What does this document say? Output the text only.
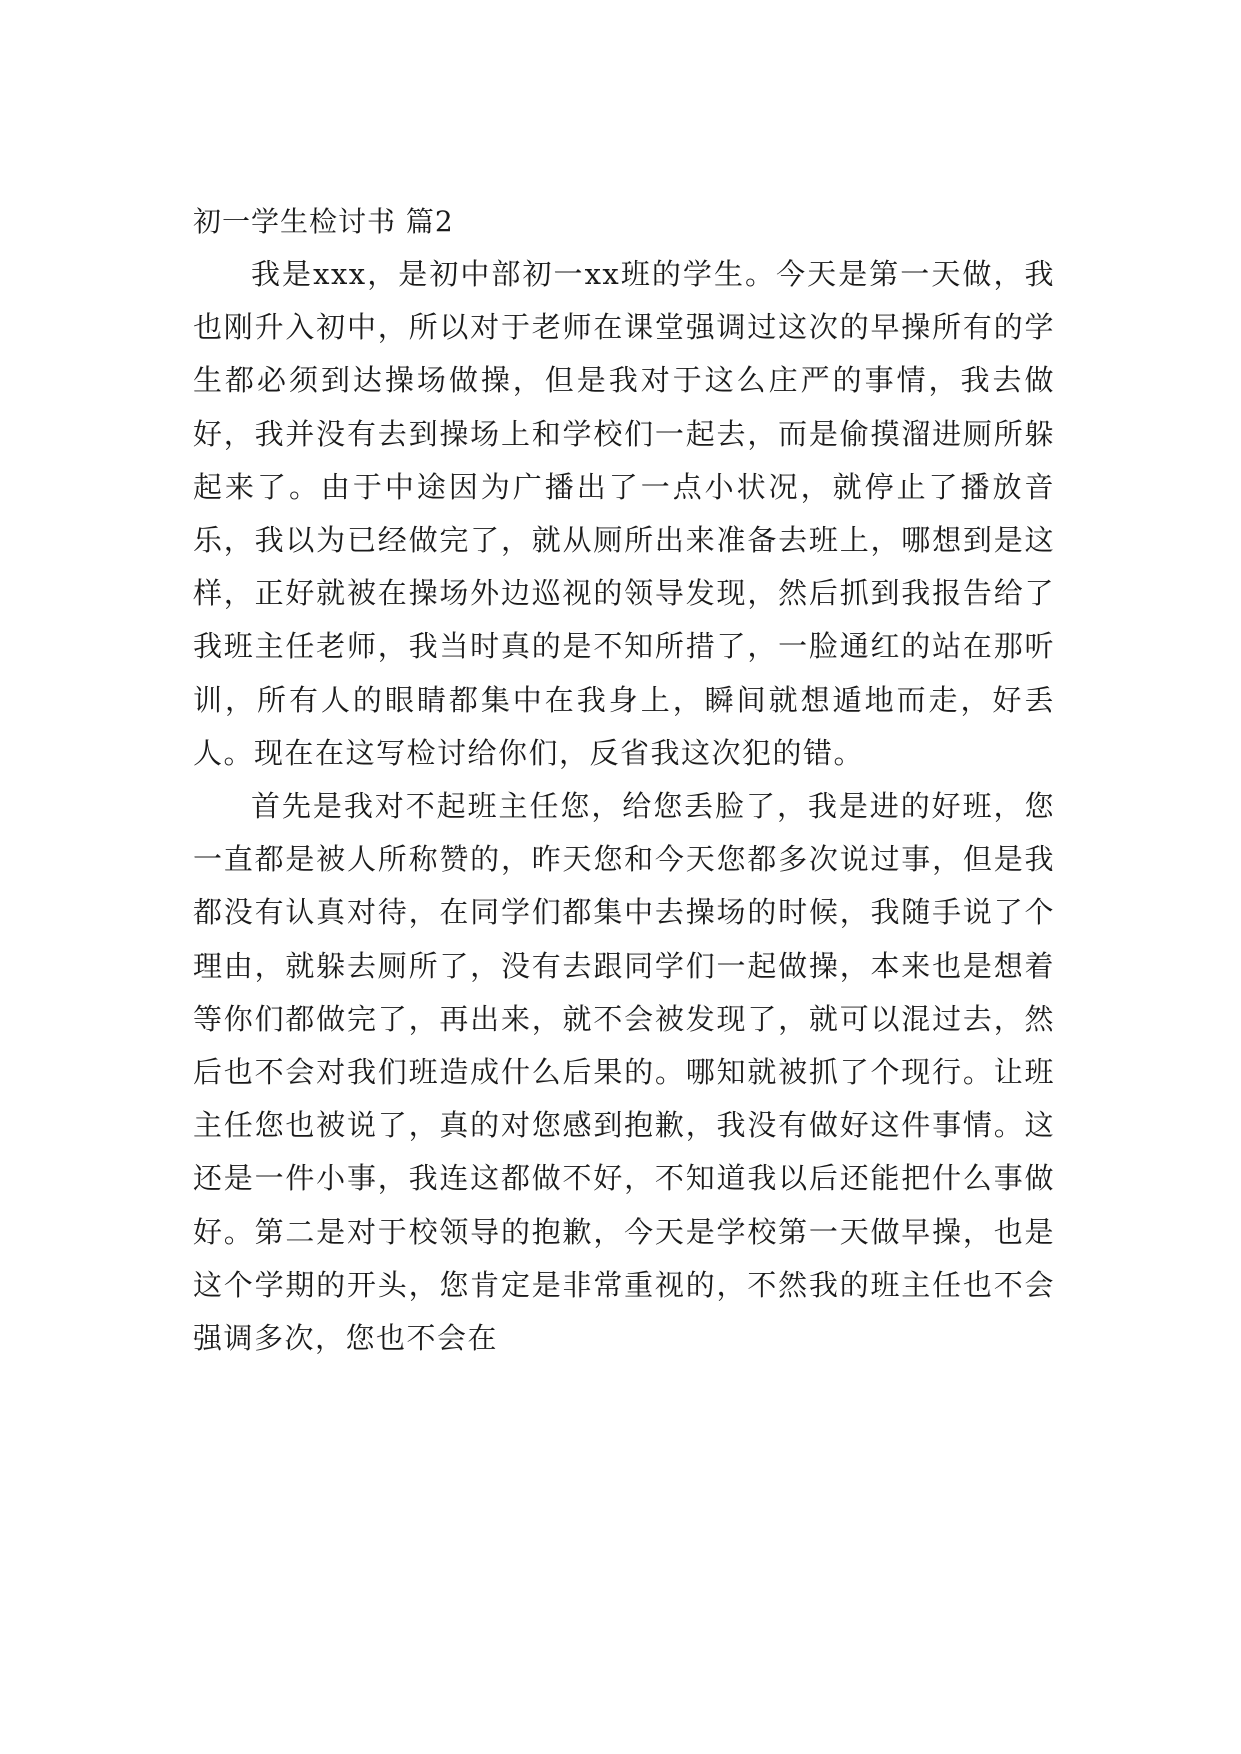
初一学生检讨书 篇2

我是xxx，是初中部初一xx班的学生。今天是第一天做，我也刚升入初中，所以对于老师在课堂强调过这次的早操所有的学生都必须到达操场做操，但是我对于这么庄严的事情，我去做好，我并没有去到操场上和学校们一起去，而是偷摸溜进厕所躲起来了。由于中途因为广播出了一点小状况，就停止了播放音乐，我以为已经做完了，就从厕所出来准备去班上，哪想到是这样，正好就被在操场外边巡视的领导发现，然后抓到我报告给了我班主任老师，我当时真的是不知所措了，一脸通红的站在那听训，所有人的眼睛都集中在我身上，瞬间就想遁地而走，好丢人。现在在这写检讨给你们，反省我这次犯的错。

首先是我对不起班主任您，给您丢脸了，我是进的好班，您一直都是被人所称赞的，昨天您和今天您都多次说过事，但是我都没有认真对待，在同学们都集中去操场的时候，我随手说了个理由，就躲去厕所了，没有去跟同学们一起做操，本来也是想着等你们都做完了，再出来，就不会被发现了，就可以混过去，然后也不会对我们班造成什么后果的。哪知就被抓了个现行。让班主任您也被说了，真的对您感到抱歉，我没有做好这件事情。这还是一件小事，我连这都做不好，不知道我以后还能把什么事做好。第二是对于校领导的抱歉，今天是学校第一天做早操，也是这个学期的开头，您肯定是非常重视的，不然我的班主任也不会强调多次，您也不会在
